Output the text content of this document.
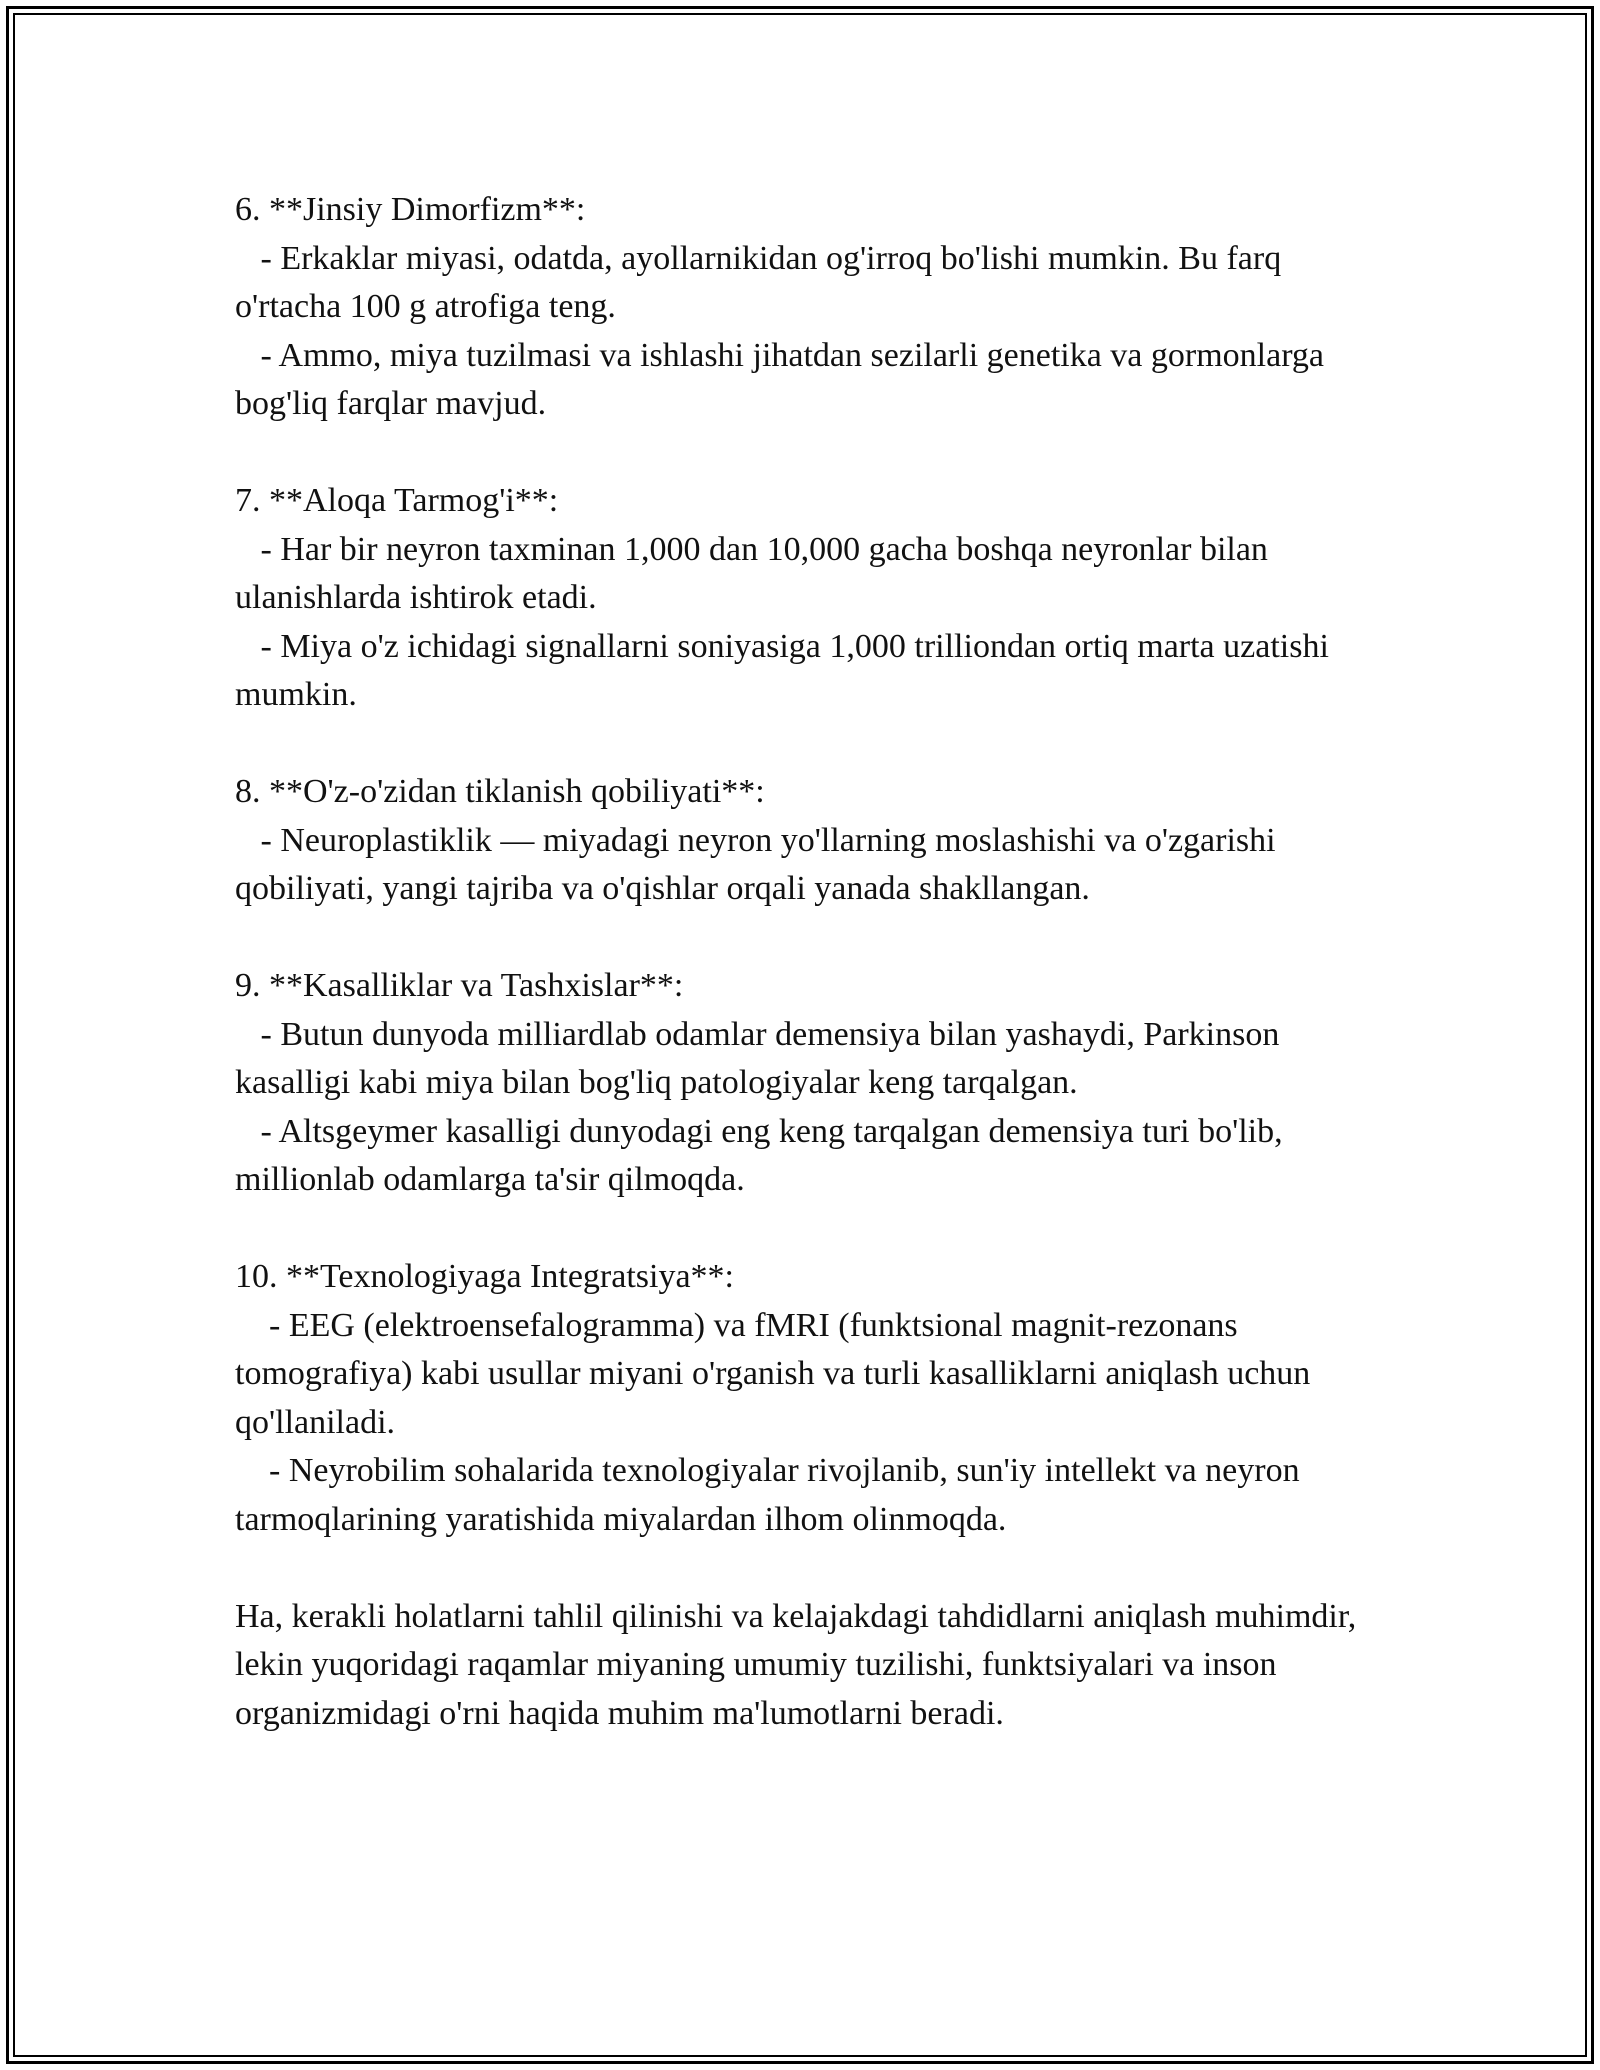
6. **Jinsiy Dimorfizm**:

- Erkaklar miyasi, odatda, ayollarnikidan og'irroq bo'lishi mumkin. Bu farq o'rtacha 100 g atrofiga teng.

- Ammo, miya tuzilmasi va ishlashi jihatdan sezilarli genetika va gormonlarga bog'liq farqlar mavjud.

7. **Aloqa Tarmog'i**:

- Har bir neyron taxminan 1,000 dan 10,000 gacha boshqa neyronlar bilan ulanishlarda ishtirok etadi.

- Miya o'z ichidagi signallarni soniyasiga 1,000 trilliondan ortiq marta uzatishi mumkin.

8. **O'z-o'zidan tiklanish qobiliyati**:

- Neuroplastiklik — miyadagi neyron yo'llarning moslashishi va o'zgarishi qobiliyati, yangi tajriba va o'qishlar orqali yanada shakllangan.

9. **Kasalliklar va Tashxislar**:

- Butun dunyoda milliardlab odamlar demensiya bilan yashaydi, Parkinson kasalligi kabi miya bilan bog'liq patologiyalar keng tarqalgan.

- Altsgeymer kasalligi dunyodagi eng keng tarqalgan demensiya turi bo'lib, millionlab odamlarga ta'sir qilmoqda.

10. **Texnologiyaga Integratsiya**:

- EEG (elektroensefalogramma) va fMRI (funktsional magnit-rezonans tomografiya) kabi usullar miyani o'rganish va turli kasalliklarni aniqlash uchun qo'llaniladi.

- Neyrobilim sohalarida texnologiyalar rivojlanib, sun'iy intellekt va neyron tarmoqlarining yaratishida miyalardan ilhom olinmoqda.

Ha, kerakli holatlarni tahlil qilinishi va kelajakdagi tahdidlarni aniqlash muhimdir, lekin yuqoridagi raqamlar miyaning umumiy tuzilishi, funktsiyalari va inson organizmidagi o'rni haqida muhim ma'lumotlarni beradi.
